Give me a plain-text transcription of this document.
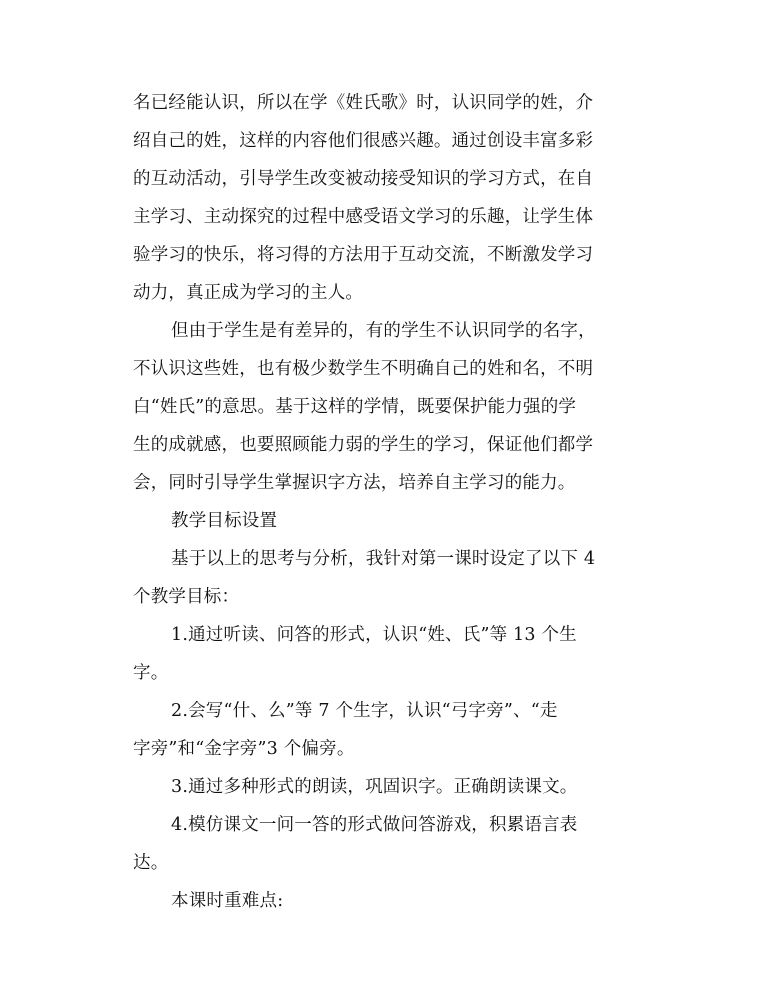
名已经能认识，所以在学《姓氏歌》时，认识同学的姓，介
绍自己的姓，这样的内容他们很感兴趣。通过创设丰富多彩
的互动活动，引导学生改变被动接受知识的学习方式，在自
主学习、主动探究的过程中感受语文学习的乐趣，让学生体
验学习的快乐，将习得的方法用于互动交流，不断激发学习
动力，真正成为学习的主人。
但由于学生是有差异的，有的学生不认识同学的名字，
不认识这些姓，也有极少数学生不明确自己的姓和名，不明
白“姓氏”的意思。基于这样的学情，既要保护能力强的学
生的成就感，也要照顾能力弱的学生的学习，保证他们都学
会，同时引导学生掌握识字方法，培养自主学习的能力。
教学目标设置
基于以上的思考与分析，我针对第一课时设定了以下 4
个教学目标：
1.通过听读、问答的形式，认识“姓、氏”等 13 个生
字。
2.会写“什、么”等 7 个生字，认识“弓字旁”、“走
字旁”和“金字旁”3 个偏旁。
3.通过多种形式的朗读，巩固识字。正确朗读课文。
4.模仿课文一问一答的形式做问答游戏，积累语言表
达。
本课时重难点:
